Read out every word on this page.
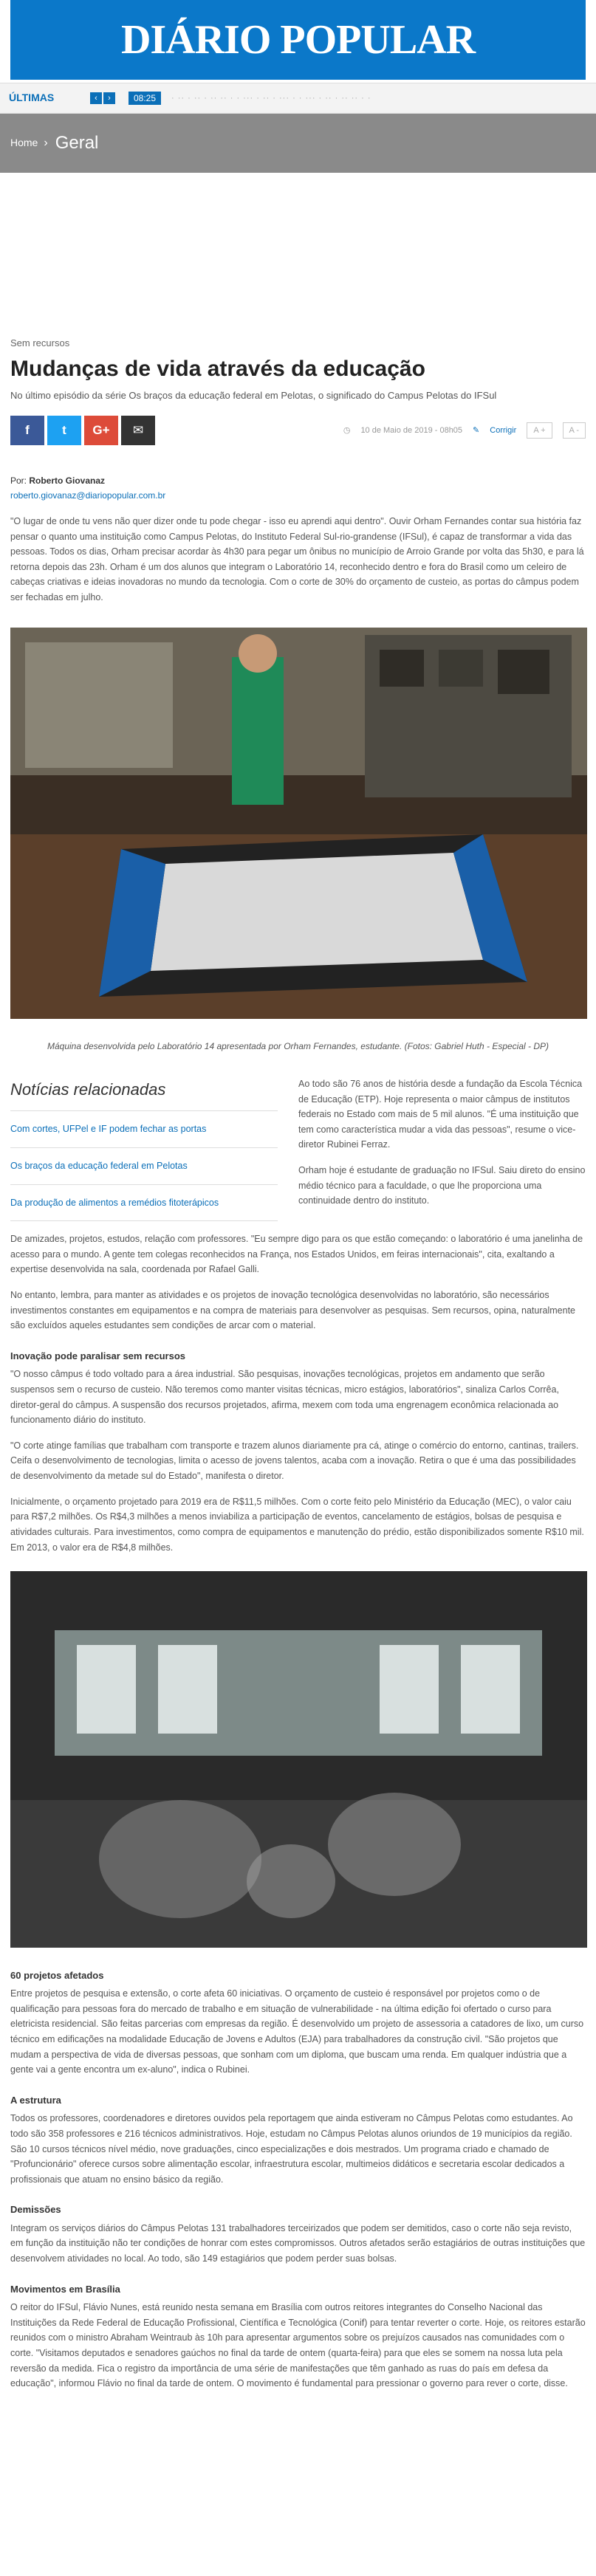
DIÁRIO POPULAR
ÚLTIMAS	‹	›	08:25	· ·· · ·· · ·· ·· · · ··· · ·· · ··· · · ··· · ·· · ·· ·· · ·
Home › Geral
Sem recursos
Mudanças de vida através da educação
No último episódio da série Os braços da educação federal em Pelotas, o significado do Campus Pelotas do IFSul
f	t	G+	✉	◷ 10 de Maio de 2019 - 08h05 ✎ Corrigir	A +	A -
Por: Roberto Giovanaz
roberto.giovanaz@diariopopular.com.br

"O lugar de onde tu vens não quer dizer onde tu pode chegar - isso eu aprendi aqui dentro". Ouvir Orham Fernandes contar sua história faz pensar o quanto uma instituição como Campus Pelotas, do Instituto Federal Sul-rio-grandense (IFSul), é capaz de transformar a vida das pessoas. Todos os dias, Orham precisar acordar às 4h30 para pegar um ônibus no município de Arroio Grande por volta das 5h30, e para lá retorna depois das 23h. Orham é um dos alunos que integram o Laboratório 14, reconhecido dentro e fora do Brasil como um celeiro de cabeças criativas e ideias inovadoras no mundo da tecnologia. Com o corte de 30% do orçamento de custeio, as portas do câmpus podem ser fechadas em julho.

Máquina desenvolvida pelo Laboratório 14 apresentada por Orham Fernandes, estudante. (Fotos: Gabriel Huth - Especial - DP)
Notícias relacionadas
Com cortes, UFPel e IF podem fechar as portas
Os braços da educação federal em Pelotas
Da produção de alimentos a remédios fitoterápicos

Ao todo são 76 anos de história desde a fundação da Escola Técnica de Educação (ETP). Hoje representa o maior câmpus de institutos federais no Estado com mais de 5 mil alunos. "É uma instituição que tem como característica mudar a vida das pessoas", resume o vice-diretor Rubinei Ferraz.

Orham hoje é estudante de graduação no IFSul. Saiu direto do ensino médio técnico para a faculdade, o que lhe proporciona uma continuidade dentro do instituto.

De amizades, projetos, estudos, relação com professores. "Eu sempre digo para os que estão começando: o laboratório é uma janelinha de acesso para o mundo. A gente tem colegas reconhecidos na França, nos Estados Unidos, em feiras internacionais", cita, exaltando a expertise desenvolvida na sala, coordenada por Rafael Galli.

No entanto, lembra, para manter as atividades e os projetos de inovação tecnológica desenvolvidas no laboratório, são necessários investimentos constantes em equipamentos e na compra de materiais para desenvolver as pesquisas. Sem recursos, opina, naturalmente são excluídos aqueles estudantes sem condições de arcar com o material.

Inovação pode paralisar sem recursos

"O nosso câmpus é todo voltado para a área industrial. São pesquisas, inovações tecnológicas, projetos em andamento que serão suspensos sem o recurso de custeio. Não teremos como manter visitas técnicas, micro estágios, laboratórios", sinaliza Carlos Corrêa, diretor-geral do câmpus. A suspensão dos recursos projetados, afirma, mexem com toda uma engrenagem econômica relacionada ao funcionamento diário do instituto.

"O corte atinge famílias que trabalham com transporte e trazem alunos diariamente pra cá, atinge o comércio do entorno, cantinas, trailers. Ceifa o desenvolvimento de tecnologias, limita o acesso de jovens talentos, acaba com a inovação. Retira o que é uma das possibilidades de desenvolvimento da metade sul do Estado", manifesta o diretor.

Inicialmente, o orçamento projetado para 2019 era de R$11,5 milhões. Com o corte feito pelo Ministério da Educação (MEC), o valor caiu para R$7,2 milhões. Os R$4,3 milhões a menos inviabiliza a participação de eventos, cancelamento de estágios, bolsas de pesquisa e atividades culturais. Para investimentos, como compra de equipamentos e manutenção do prédio, estão disponibilizados somente R$10 mil. Em 2013, o valor era de R$4,8 milhões.

60 projetos afetados

Entre projetos de pesquisa e extensão, o corte afeta 60 iniciativas. O orçamento de custeio é responsável por projetos como o de qualificação para pessoas fora do mercado de trabalho e em situação de vulnerabilidade - na última edição foi ofertado o curso para eletricista residencial. São feitas parcerias com empresas da região. É desenvolvido um projeto de assessoria a catadores de lixo, um curso técnico em edificações na modalidade Educação de Jovens e Adultos (EJA) para trabalhadores da construção civil. "São projetos que mudam a perspectiva de vida de diversas pessoas, que sonham com um diploma, que buscam uma renda. Em qualquer indústria que a gente vai a gente encontra um ex-aluno", indica o Rubinei.

A estrutura

Todos os professores, coordenadores e diretores ouvidos pela reportagem que ainda estiveram no Câmpus Pelotas como estudantes. Ao todo são 358 professores e 216 técnicos administrativos. Hoje, estudam no Câmpus Pelotas alunos oriundos de 19 municípios da região. São 10 cursos técnicos nível médio, nove graduações, cinco especializações e dois mestrados. Um programa criado e chamado de "Profuncionário" oferece cursos sobre alimentação escolar, infraestrutura escolar, multimeios didáticos e secretaria escolar dedicados a profissionais que atuam no ensino básico da região.

Demissões

Integram os serviços diários do Câmpus Pelotas 131 trabalhadores terceirizados que podem ser demitidos, caso o corte não seja revisto, em função da instituição não ter condições de honrar com estes compromissos. Outros afetados serão estagiários de outras instituições que desenvolvem atividades no local. Ao todo, são 149 estagiários que podem perder suas bolsas.

Movimentos em Brasília

O reitor do IFSul, Flávio Nunes, está reunido nesta semana em Brasília com outros reitores integrantes do Conselho Nacional das Instituições da Rede Federal de Educação Profissional, Científica e Tecnológica (Conif) para tentar reverter o corte. Hoje, os reitores estarão reunidos com o ministro Abraham Weintraub às 10h para apresentar argumentos sobre os prejuízos causados nas comunidades com o corte. "Visitamos deputados e senadores gaúchos no final da tarde de ontem (quarta-feira) para que eles se somem na nossa luta pela reversão da medida. Fica o registro da importância de uma série de manifestações que têm ganhado as ruas do país em defesa da educação", informou Flávio no final da tarde de ontem. O movimento é fundamental para pressionar o governo para rever o corte, disse.
